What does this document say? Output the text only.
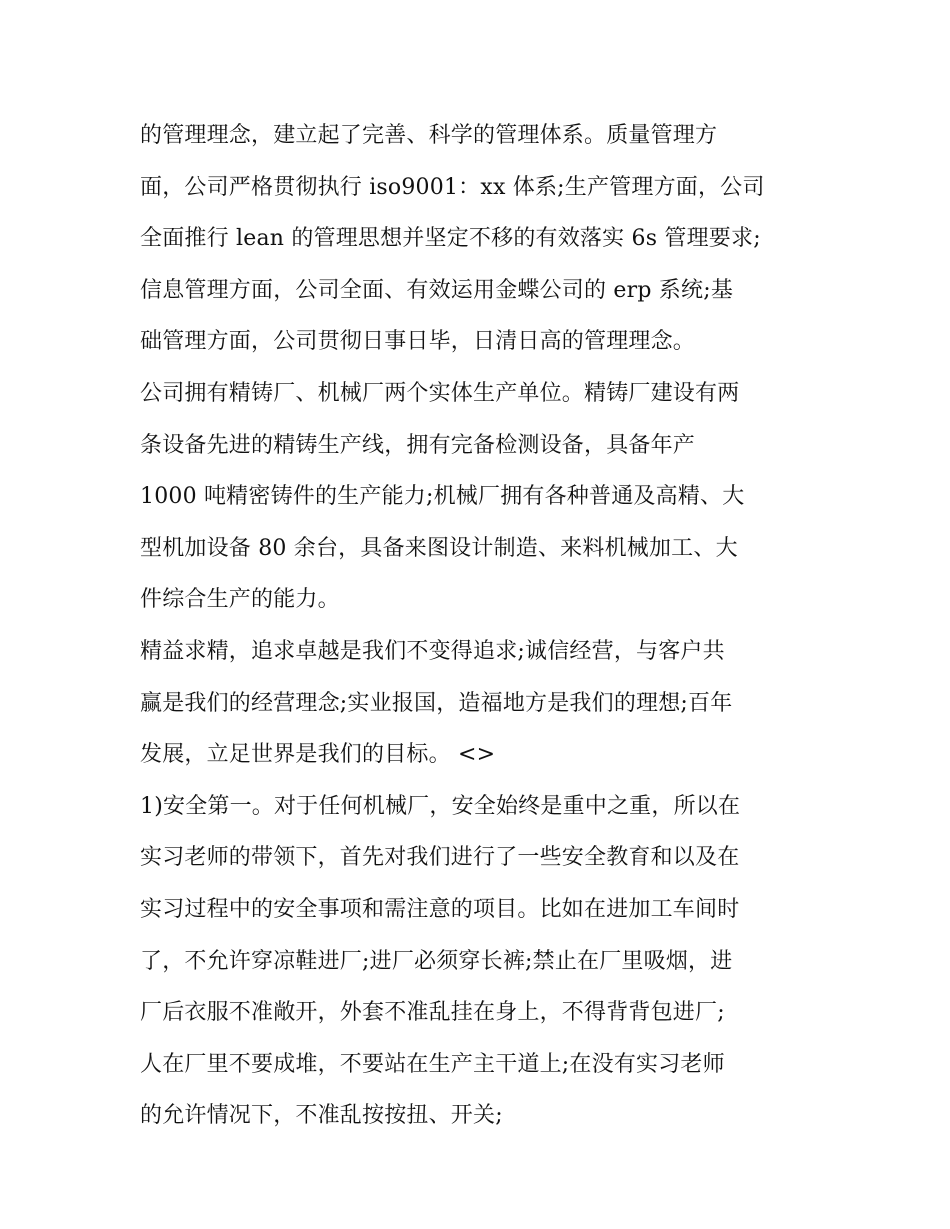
的管理理念，建立起了完善、科学的管理体系。质量管理方
面，公司严格贯彻执行 iso9001：xx 体系;生产管理方面，公司
全面推行 lean 的管理思想并坚定不移的有效落实 6s 管理要求;
信息管理方面，公司全面、有效运用金蝶公司的 erp 系统;基
础管理方面，公司贯彻日事日毕，日清日高的管理理念。
公司拥有精铸厂、机械厂两个实体生产单位。精铸厂建设有两
条设备先进的精铸生产线，拥有完备检测设备，具备年产
1000 吨精密铸件的生产能力;机械厂拥有各种普通及高精、大
型机加设备 80 余台，具备来图设计制造、来料机械加工、大
件综合生产的能力。
精益求精，追求卓越是我们不变得追求;诚信经营，与客户共
赢是我们的经营理念;实业报国，造福地方是我们的理想;百年
发展，立足世界是我们的目标。 <>
1)安全第一。对于任何机械厂，安全始终是重中之重，所以在
实习老师的带领下，首先对我们进行了一些安全教育和以及在
实习过程中的安全事项和需注意的项目。比如在进加工车间时
了，不允许穿凉鞋进厂;进厂必须穿长裤;禁止在厂里吸烟，进
厂后衣服不准敞开，外套不准乱挂在身上，不得背背包进厂;
人在厂里不要成堆，不要站在生产主干道上;在没有实习老师
的允许情况下，不准乱按按扭、开关;
